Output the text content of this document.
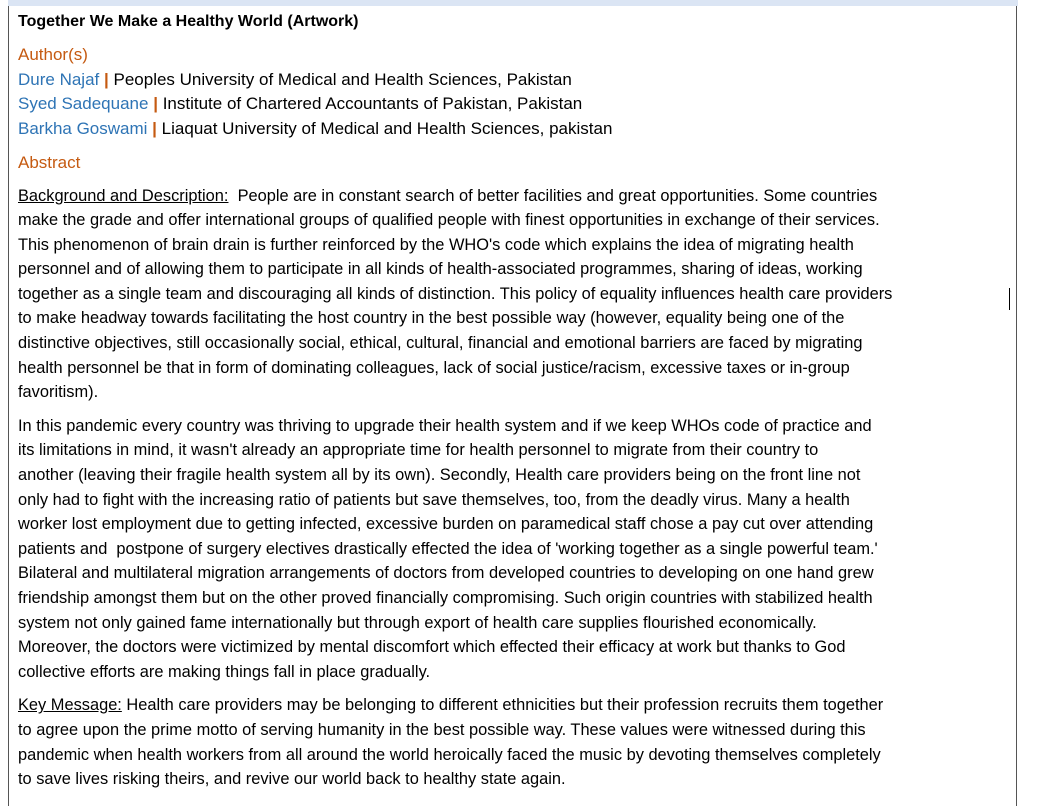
Together We Make a Healthy World (Artwork)
Author(s)
Dure Najaf | Peoples University of Medical and Health Sciences, Pakistan
Syed Sadequane | Institute of Chartered Accountants of Pakistan, Pakistan
Barkha Goswami | Liaquat University of Medical and Health Sciences, pakistan
Abstract
Background and Description:  People are in constant search of better facilities and great opportunities. Some countries
make the grade and offer international groups of qualified people with finest opportunities in exchange of their services.
This phenomenon of brain drain is further reinforced by the WHO's code which explains the idea of migrating health
personnel and of allowing them to participate in all kinds of health-associated programmes, sharing of ideas, working
together as a single team and discouraging all kinds of distinction. This policy of equality influences health care providers
to make headway towards facilitating the host country in the best possible way (however, equality being one of the
distinctive objectives, still occasionally social, ethical, cultural, financial and emotional barriers are faced by migrating
health personnel be that in form of dominating colleagues, lack of social justice/racism, excessive taxes or in-group
favoritism).
In this pandemic every country was thriving to upgrade their health system and if we keep WHOs code of practice and
its limitations in mind, it wasn't already an appropriate time for health personnel to migrate from their country to
another (leaving their fragile health system all by its own). Secondly, Health care providers being on the front line not
only had to fight with the increasing ratio of patients but save themselves, too, from the deadly virus. Many a health
worker lost employment due to getting infected, excessive burden on paramedical staff chose a pay cut over attending
patients and  postpone of surgery electives drastically effected the idea of 'working together as a single powerful team.'
Bilateral and multilateral migration arrangements of doctors from developed countries to developing on one hand grew
friendship amongst them but on the other proved financially compromising. Such origin countries with stabilized health
system not only gained fame internationally but through export of health care supplies flourished economically.
Moreover, the doctors were victimized by mental discomfort which effected their efficacy at work but thanks to God
collective efforts are making things fall in place gradually.
Key Message: Health care providers may be belonging to different ethnicities but their profession recruits them together
to agree upon the prime motto of serving humanity in the best possible way. These values were witnessed during this
pandemic when health workers from all around the world heroically faced the music by devoting themselves completely
to save lives risking theirs, and revive our world back to healthy state again.
